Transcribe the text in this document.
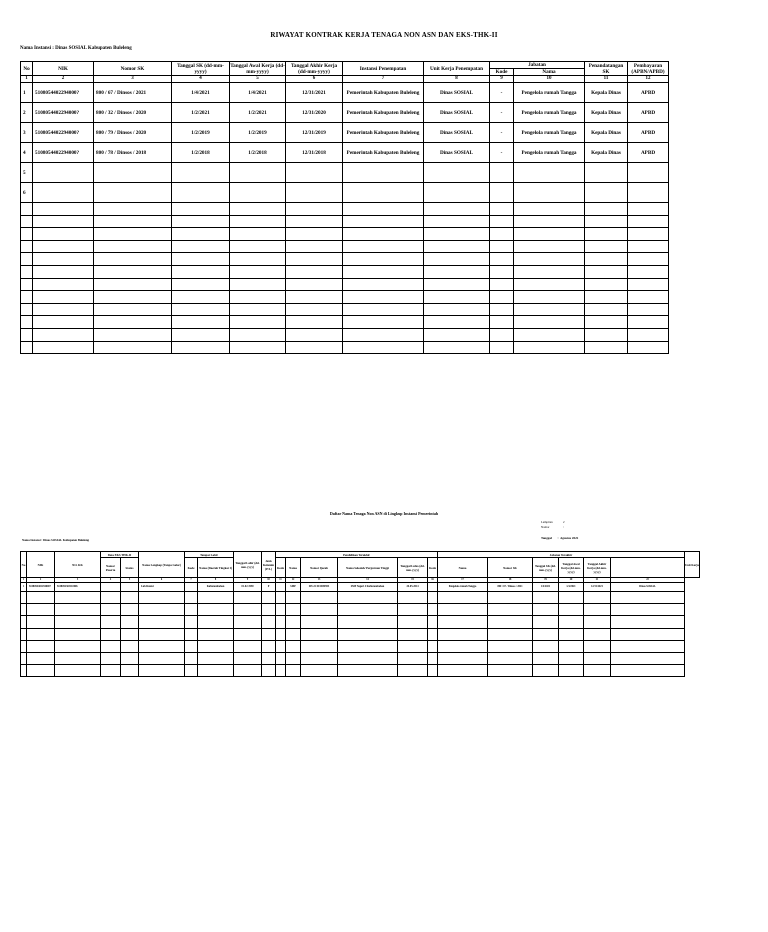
RIWAYAT KONTRAK KERJA TENAGA NON ASN DAN EKS-THK-II
Nama Instansi : Dinas SOSIAL Kabupaten Buleleng
No	NIK	Nomor SK	Tanggal SK (dd-mm-yyyy)	Tanggal Awal Kerja (dd-mm-yyyy)	Tanggal Akhir Kerja (dd-mm-yyyy)	Instansi Penempatan	Unit Kerja Penempatan	Jabatan		Penandatangan SK	Pembayaran (APBN/APBD)
								Kode	Nama		
1	2	3	4	5	6	7	8	9	10	11	12
1	5108054402294000?	800 / 67 / Dinsos / 2021	1/4/2021	1/4/2021	12/31/2021	Pemerintah Kabupaten Buleleng	Dinas SOSIAL	-	Pengelola rumah Tangga	Kepala Dinas	APBD
2	5108054402294000?	800 / 32 / Dinsos / 2020	1/2/2021	1/2/2021	12/31/2020	Pemerintah Kabupaten Buleleng	Dinas SOSIAL	-	Pengelola rumah Tangga	Kepala Dinas	APBD
3	5108054402294000?	800 / 79 / Dinsos / 2020	1/2/2019	1/2/2019	12/31/2019	Pemerintah Kabupaten Buleleng	Dinas SOSIAL	-	Pengelola rumah Tangga	Kepala Dinas	APBD
4	5108054402294000?	800 / 78 / Dinsos / 2018	1/2/2018	1/2/2018	12/31/2018	Pemerintah Kabupaten Buleleng	Dinas SOSIAL	-	Pengelola rumah Tangga	Kepala Dinas	APBD
5											
6											

Daftar Nama Tenaga Non ASN di Lingkup Instansi Pemerintah
Lampiran	2
Nomor	:
Tanggal       :  Agustus 2022
Nama Instansi : Dinas SOSIAL Kabupaten Buleleng
No	NIK	NO. KK	Data EKS THK-II		Nama Lengkap (Tanpa Gelar)	Tempat Lahir		Tanggal Lahir (dd-mm-yyyy)	Jenis Kelamin (P/L)	Pendidikan Terakhir						Jabatan Terakhir						Unit Kerja
			Nomor Peserta	Status		Kode	Nama (Daerah Tingkat I)			Kode	Nama	Nomor Ijazah	Nama Sekolah/ Perguruan Tinggi	Tanggal Lulus (dd-mm-yyyy)	Kode	Nama	Nomor SK	Tanggal SK (dd-mm-yyyy)	Tanggal Awal Kerja (dd-mm-yyyy)	Tanggal Akhir Kerja (dd-mm-yyyy)		

1	2	3	4	5	6	7	8	9	10	11	12	13	14	15	16	17	18	19	20	21	22	
1	5108054402294000?	5108052303110006			Luh Rusiwi		Kubutambahan	01-02-1990	P		SMP	DN-22 DI 0050953	SMP Negeri 4 Kubutambahan	20-05-2014		Pengelola rumah Tangga	800 / 67 / Dinsos / 2021	1/4/2021	1/4/2021	12/31/2021	Dinas SOSIAL	
